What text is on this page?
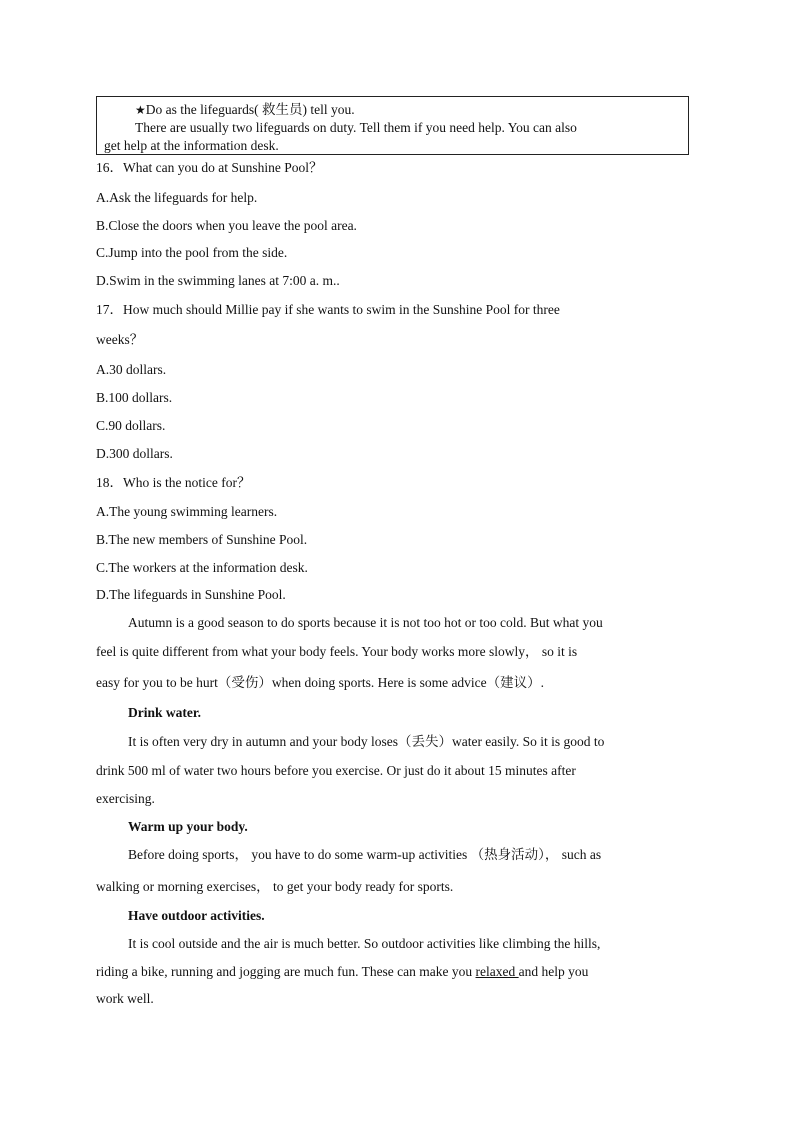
★Do as the lifeguards( 救生员) tell you.
There are usually two lifeguards on duty. Tell them if you need help. You can also
get help at the information desk.
16．What can you do at Sunshine Pool？
A.Ask the lifeguards for help.
B.Close the doors when you leave the pool area.
C.Jump into the pool from the side.
D.Swim in the swimming lanes at 7:00 a. m..
17．How much should Millie pay if she wants to swim in the Sunshine Pool for three
weeks？
A.30 dollars.
B.100 dollars.
C.90 dollars.
D.300 dollars.
18．Who is the notice for？
A.The young swimming learners.
B.The new members of Sunshine Pool.
C.The workers at the information desk.
D.The lifeguards in Sunshine Pool.
Autumn is a good season to do sports because it is not too hot or too cold. But what you
feel is quite different from what your body feels. Your body works more slowly， so it is
easy for you to be hurt（受伤）when doing sports. Here is some advice（建议）.
Drink water.
It is often very dry in autumn and your body loses（丢失）water easily. So it is good to
drink 500 ml of water two hours before you exercise. Or just do it about 15 minutes after
exercising.
Warm up your body.
Before doing sports， you have to do some warm-up activities （热身活动）， such as
walking or morning exercises， to get your body ready for sports.
Have outdoor activities.
It is cool outside and the air is much better. So outdoor activities like climbing the hills,
riding a bike, running and jogging are much fun. These can make you relaxed and help you
work well.
